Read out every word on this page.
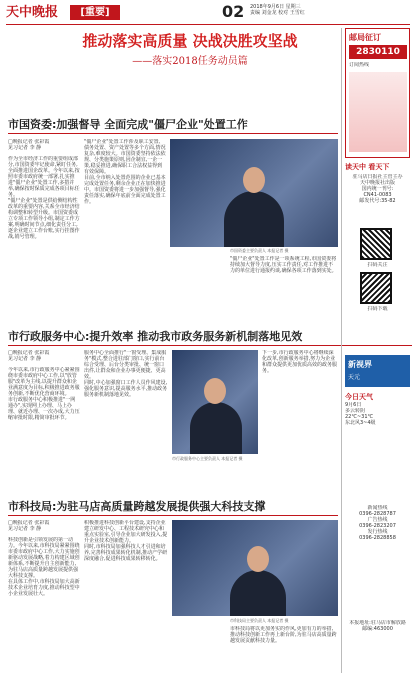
天中晚报	[重要]	02 2018年9月6日 星期三
责编 刘金龙 校对 王雪红
推动落实高质量 决战决胜攻坚战
——落实2018任务动员篇
市国资委:加强督导 全面完成"僵尸企业"处置工作
□晚报记者 张彩霞
见习记者 李 静
作为全市经济工作的重要组成部分,市国资委牢记使命,紧盯任务,全面推进国企改革。今年以来,按照市委市政府统一部署,扎实推进"僵尸企业"处置工作,多措并举,确保按时保质完成各项目标任务。
"僵尸企业"处置是供给侧结构性改革的重要内容,关系全市经济结构调整和转型升级。市国资委成立专项工作领导小组,制定工作方案,明确时间节点,细化责任分工,逐企业建立工作台账,实行挂图作战,销号管理。
"僵尸企业"处置工作涉及职工安置、债务处置、资产处置等多个方面,情况复杂,难度较大。市国资委坚持依法依规、分类施策原则,因企制宜,一企一策,稳妥推进,确保职工合法权益得到有效保障。
目前,全市纳入处置范围的企业已基本完成处置任务,剩余企业正在加快推进中。市国资委将进一步加强督导,强化责任落实,确保年底前全面完成处置工作。
市国资委主要负责人 本报记者 摄
"僵尸企业"处置工作是一项系统工程,市国资委将持续加大督导力度,压实工作责任,对工作推进不力的单位进行通报约谈,确保各项工作落到实处。
市行政服务中心:提升效率 推动我市政务服务新机制落地见效
□晚报记者 张彩霞
见习记者 李 静
今年以来,市行政服务中心紧紧围绕市委市政府中心工作,以"放管服"改革为主线,以提升群众和企业满意度为目标,积极推进政务服务创新,不断优化营商环境。
市行政服务中心积极推进"一网通办",实现网上办理、马上办理、就近办理、一次办成,大力压缩审批时限,精简审批环节。
服务中心全面推行"一窗受理、集成服务"模式,整合进驻部门窗口,实行前台综合受理、后台分类审批、统一窗口出件,让群众和企业办事更便捷、更高效。
同时,中心加强窗口工作人员作风建设,强化服务意识,提高服务水平,推动政务服务新机制落地见效。
市行政服务中心主要负责人 本报记者 摄
下一步,市行政服务中心将继续深化改革,创新服务举措,努力为企业和群众提供更加优质高效的政务服务。
市科技局:为驻马店高质量跨越发展提供强大科技支撑
□晚报记者 张彩霞
见习记者 李 静
科技创新是引领发展的第一动力。今年以来,市科技局紧紧围绕市委市政府中心工作,大力实施创新驱动发展战略,着力构建区域创新体系,不断提升自主创新能力,为驻马店高质量跨越发展提供强大科技支撑。
在具体工作中,市科技局加大高新技术企业培育力度,推动科技型中小企业发展壮大。
积极推进科技创新平台建设,支持企业建立研发中心、工程技术研究中心和重点实验室,引导企业加大研发投入,提升企业技术创新能力。
同时,市科技局加强科技人才引进和培养,完善科技成果转化机制,推动产学研深度融合,促进科技成果转移转化。
市科技局主要负责人 本报记者 摄
市科技局将以更加务实的作风,更加有力的举措,推动科技创新工作再上新台阶,为驻马店高质量跨越发展贡献科技力量。
邮局征订
2830110
订阅热线
读天中 看天下
驻马店日报社主管主办
天中晚报社出版
国内统一刊号:
CN41-0083
邮发代号:35-82
扫码关注
扫码下载
新视界
天元
今日天气
9月6日
多云转阴
22℃~31℃
东北风3~4级
新闻热线
0396-2828787
广告热线
0396-2823207
发行热线
0396-2828858
本报地址:驻马店市解放路
邮编:463000
